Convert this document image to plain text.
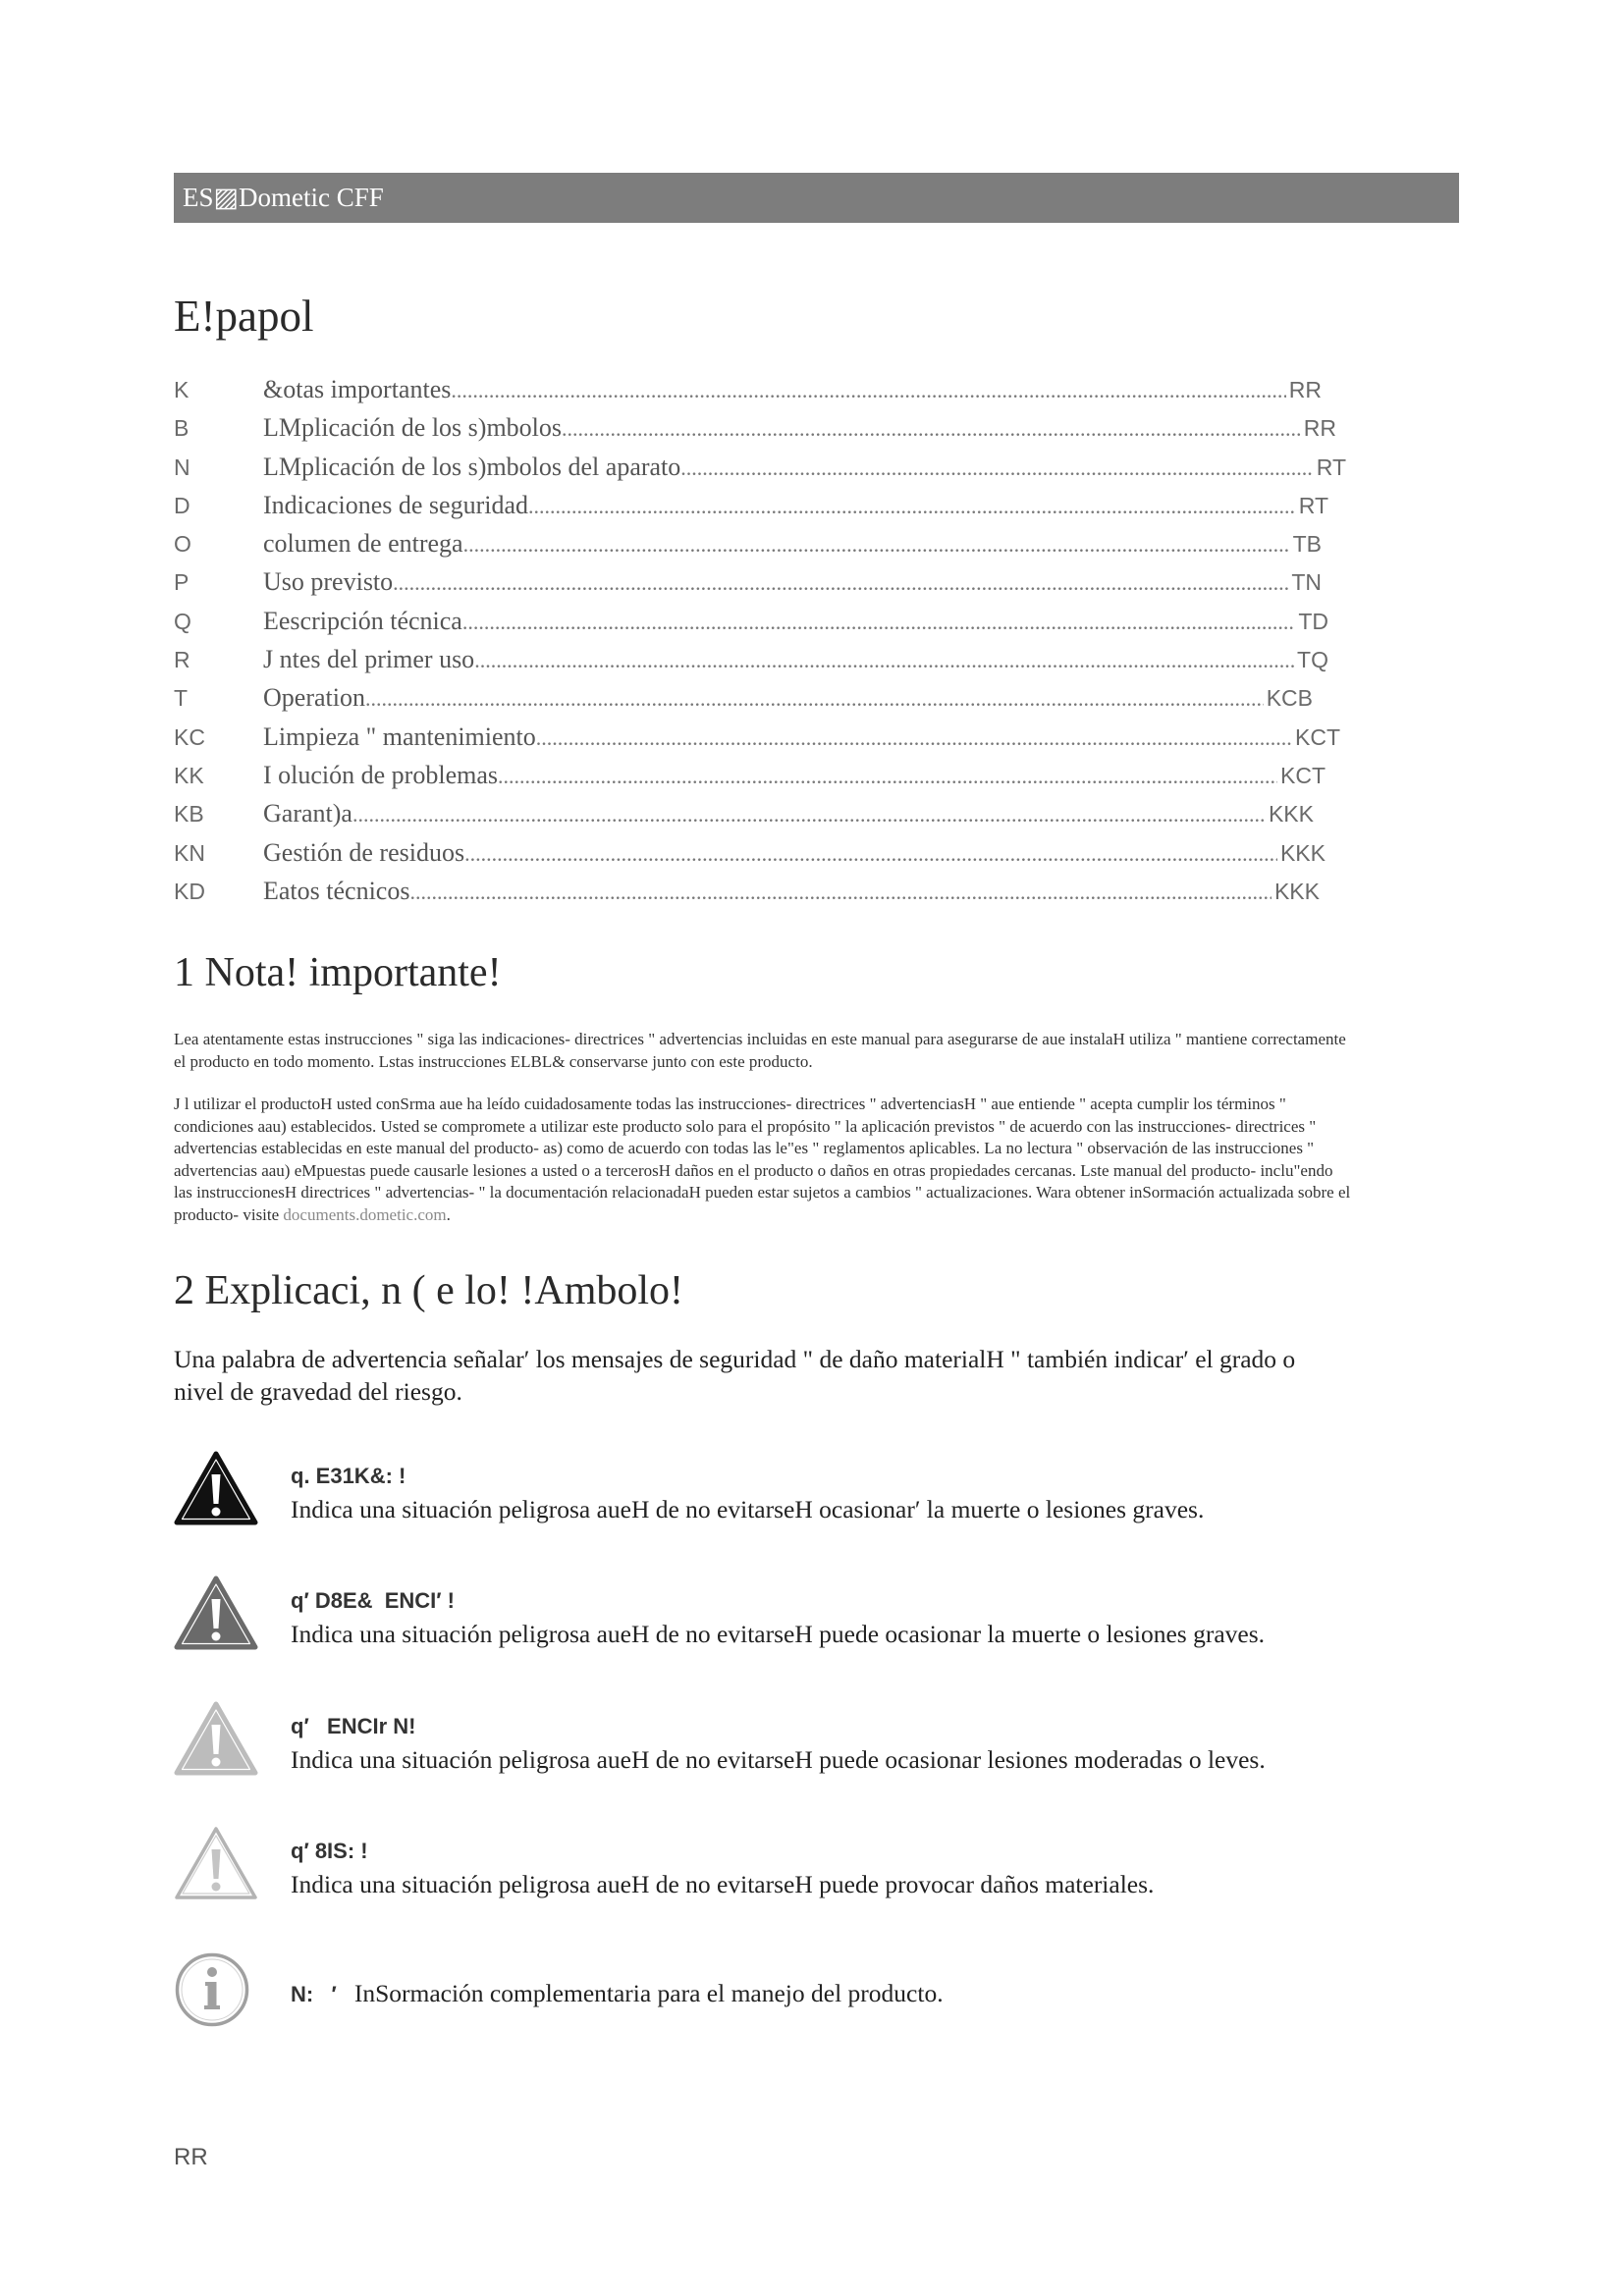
ES▨Dometic CFF
E!papol
K	&otas importantes .....	RR
B	LMplicación de los s)mbolos .....	RR
N	LMplicación de los s)mbolos del aparato .....	RT
D	Indicaciones de seguridad .....	RT
O	columen de entrega .....	TB
P	Uso previsto .....	TN
Q	Eescripción técnica .....	TD
R	J ntes del primer uso .....	TQ
T	Operation .....	KCB
KC	Limpieza " mantenimiento .....	KCT
KK	I olución de problemas .....	KCT
KB	Garant)a .....	KKK
KN	Gestión de residuos .....	KKK
KD	Eatos técnicos .....	KKK
1 Nota! importante!
Lea atentamente estas instrucciones " siga las indicaciones- directrices " advertencias incluidas en este manual para asegurarse de aue instalaH utiliza " mantiene correctamente
el producto en todo momento. Lstas instrucciones ELBL& conservarse junto con este producto.
J l utilizar el productoH usted conSrma aue ha leído cuidadosamente todas las instrucciones- directrices " advertenciasH " aue entiende " acepta cumplir los términos "
condiciones aau) establecidos. Usted se compromete a utilizar este producto solo para el propósito " la aplicación previstos " de acuerdo con las instrucciones- directrices "
advertencias establecidas en este manual del producto- as) como de acuerdo con todas las le"es " reglamentos aplicables. La no lectura " observación de las instrucciones "
advertencias aau) eMpuestas puede causarle lesiones a usted o a tercerosH daños en el producto o daños en otras propiedades cercanas. Lste manual del producto- inclu"endo
las instruccionesH directrices " advertencias- " la documentación relacionadaH pueden estar sujetos a cambios " actualizaciones. Wara obtener inSormación actualizada sobre el
producto- visite documents.dometic.com.
2 Explicaci, n ( e lo! !Ambolo!
Una palabra de advertencia señalar′ los mensajes de seguridad " de daño materialH " también indicar′ el grado o
nivel de gravedad del riesgo.
q. E31K&: !
Indica una situación peligrosa aueH de no evitarseH ocasionar′ la muerte o lesiones graves.
q′ D8E&  ENCI′ !
Indica una situación peligrosa aueH de no evitarseH puede ocasionar la muerte o lesiones graves.
q′   ENCIr N!
Indica una situación peligrosa aueH de no evitarseH puede ocasionar lesiones moderadas o leves.
q′ 8IS: !
Indica una situación peligrosa aueH de no evitarseH puede provocar daños materiales.
N:   ′ InSormación complementaria para el manejo del producto.
RR
